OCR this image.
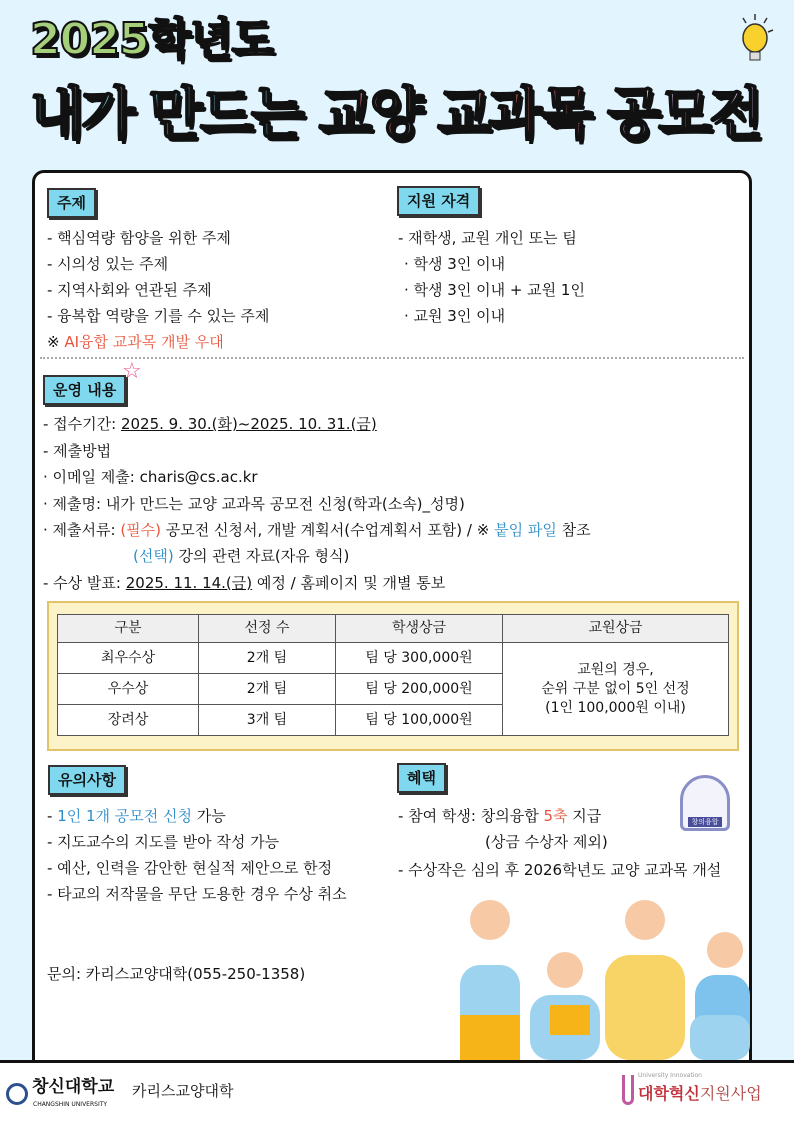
2025학년도
내가 만드는 교양 교과목 공모전
주제
- 핵심역량 함양을 위한 주제
- 시의성 있는 주제
- 지역사회와 연관된 주제
- 융복합 역량을 기를 수 있는 주제
※ AI융합 교과목 개발 우대
지원 자격
- 재학생, 교원 개인 또는 팀
· 학생 3인 이내
· 학생 3인 이내 + 교원 1인
· 교원 3인 이내
운영 내용
☆
- 접수기간: 2025. 9. 30.(화)~2025. 10. 31.(금)
- 제출방법
· 이메일 제출: charis@cs.ac.kr
· 제출명: 내가 만드는 교양 교과목 공모전 신청(학과(소속)_성명)
· 제출서류: (필수) 공모전 신청서, 개발 계획서(수업계획서 포함) / ※ 붙임 파일 참조
(선택) 강의 관련 자료(자유 형식)
- 수상 발표: 2025. 11. 14.(금) 예정 / 홈페이지 및 개별 통보
구분	선정 수	학생상금	교원상금
최우수상	2개 팀	팀 당 300,000원	교원의 경우,
순위 구분 없이 5인 선정
(1인 100,000원 이내)

우수상	2개 팀	팀 당 200,000원	
장려상	3개 팀	팀 당 100,000원	
유의사항
- 1인 1개 공모전 신청 가능
- 지도교수의 지도를 받아 작성 가능
- 예산, 인력을 감안한 현실적 제안으로 한정
- 타교의 저작물을 무단 도용한 경우 수상 취소
혜택
- 참여 학생: 창의융합 5축 지급
(상금 수상자 제외)
- 수상작은 심의 후 2026학년도 교양 교과목 개설
창의융합
문의: 카리스교양대학(055-250-1358)
창신대학교
CHANGSHIN UNIVERSITY
카리스교양대학
University Innovation
대학혁신지원사업
